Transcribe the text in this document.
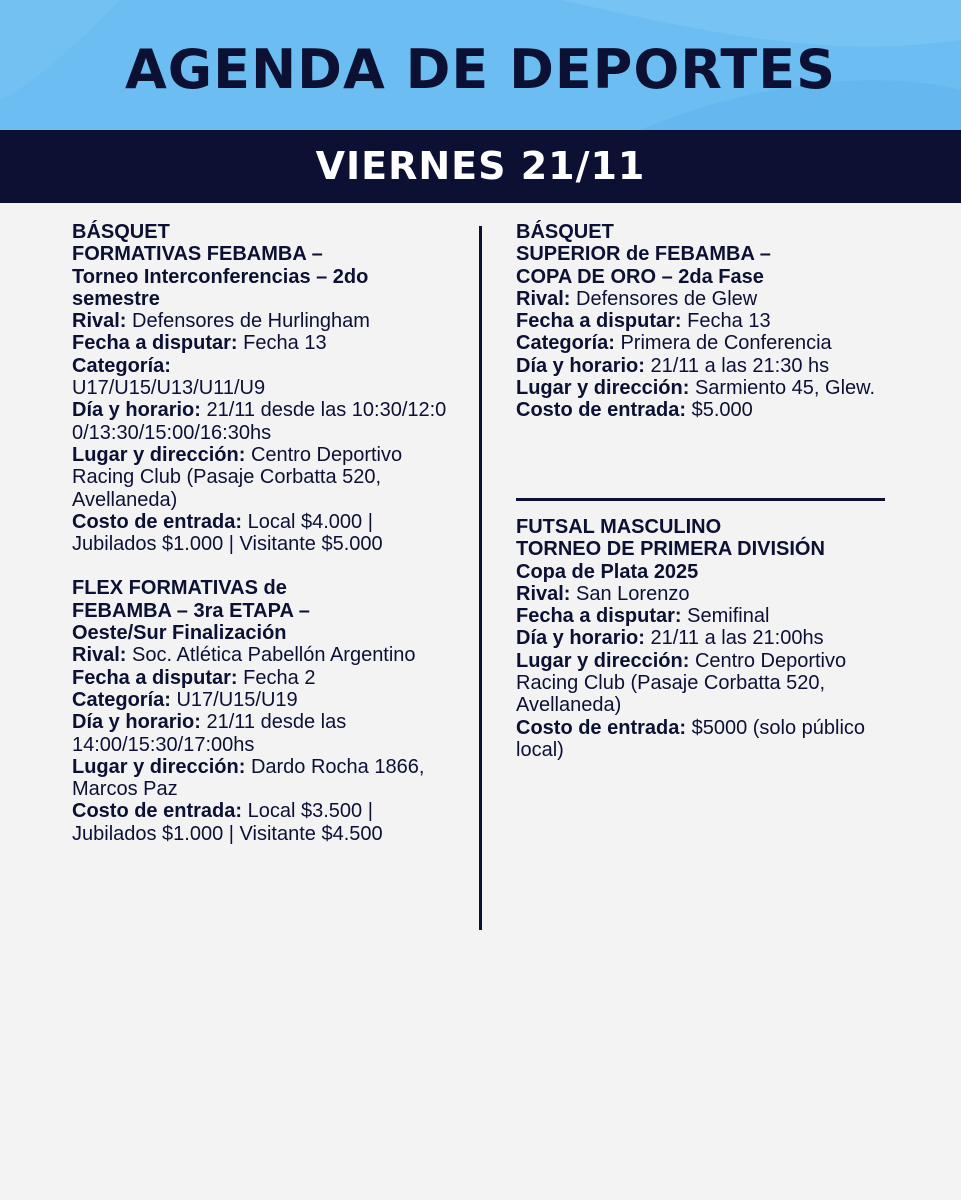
AGENDA DE DEPORTES
VIERNES 21/11
BÁSQUET
FORMATIVAS FEBAMBA –
Torneo Interconferencias – 2do
semestre
Rival: Defensores de Hurlingham
Fecha a disputar: Fecha 13
Categoría:
U17/U15/U13/U11/U9
Día y horario: 21/11 desde las 10:30/12:00/13:30/15:00/16:30hs
Lugar y dirección: Centro Deportivo Racing Club (Pasaje Corbatta 520, Avellaneda)
Costo de entrada: Local $4.000 | Jubilados $1.000 | Visitante $5.000
FLEX FORMATIVAS de
FEBAMBA – 3ra ETAPA –
Oeste/Sur Finalización
Rival: Soc. Atlética Pabellón Argentino
Fecha a disputar: Fecha 2
Categoría: U17/U15/U19
Día y horario: 21/11 desde las 14:00/15:30/17:00hs
Lugar y dirección: Dardo Rocha 1866, Marcos Paz
Costo de entrada: Local $3.500 | Jubilados $1.000 | Visitante $4.500
BÁSQUET
SUPERIOR de FEBAMBA –
COPA DE ORO – 2da Fase
Rival: Defensores de Glew
Fecha a disputar: Fecha 13
Categoría: Primera de Conferencia
Día y horario: 21/11 a las 21:30 hs
Lugar y dirección: Sarmiento 45, Glew.
Costo de entrada: $5.000
FUTSAL MASCULINO
TORNEO DE PRIMERA DIVISIÓN
Copa de Plata 2025
Rival: San Lorenzo
Fecha a disputar: Semifinal
Día y horario: 21/11 a las 21:00hs
Lugar y dirección: Centro Deportivo Racing Club (Pasaje Corbatta 520, Avellaneda)
Costo de entrada: $5000 (solo público local)
